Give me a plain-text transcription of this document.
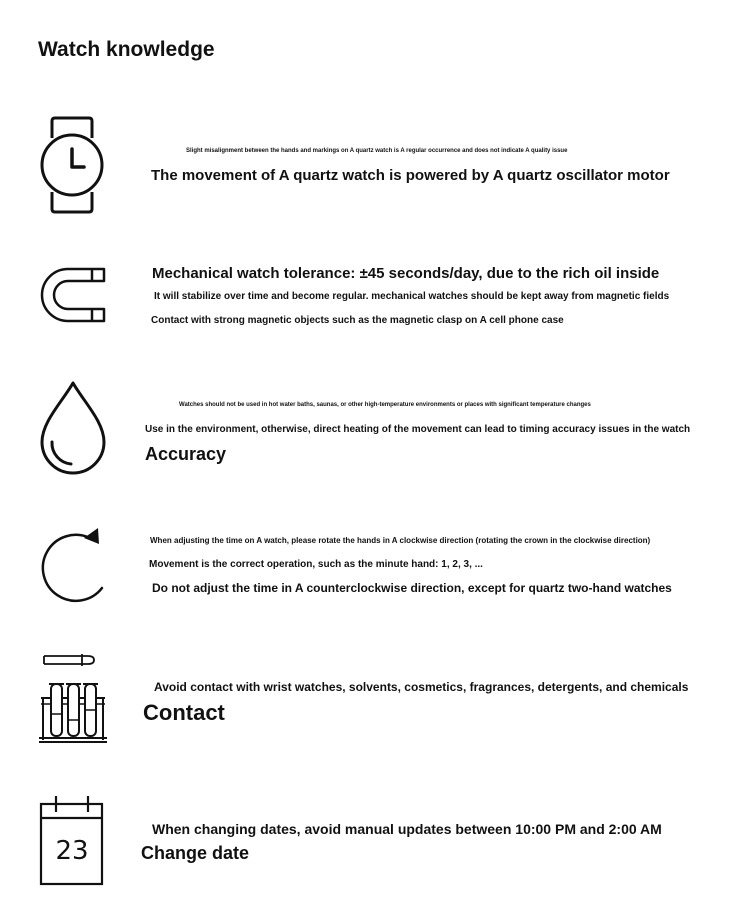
Watch knowledge
Slight misalignment between the hands and markings on A quartz watch is A regular occurrence and does not indicate A quality issue
The movement of A quartz watch is powered by A quartz oscillator motor
Mechanical watch tolerance: ±45 seconds/day, due to the rich oil inside
It will stabilize over time and become regular. mechanical watches should be kept away from magnetic fields
Contact with strong magnetic objects such as the magnetic clasp on A cell phone case
Watches should not be used in hot water baths, saunas, or other high-temperature environments or places with significant temperature changes
Use in the environment, otherwise, direct heating of the movement can lead to timing accuracy issues in the watch
Accuracy
When adjusting the time on A watch, please rotate the hands in A clockwise direction (rotating the crown in the clockwise direction)
Movement is the correct operation, such as the minute hand: 1, 2, 3, ...
Do not adjust the time in A counterclockwise direction, except for quartz two-hand watches
Avoid contact with wrist watches, solvents, cosmetics, fragrances, detergents, and chemicals
Contact
23
When changing dates, avoid manual updates between 10:00 PM and 2:00 AM
Change date
